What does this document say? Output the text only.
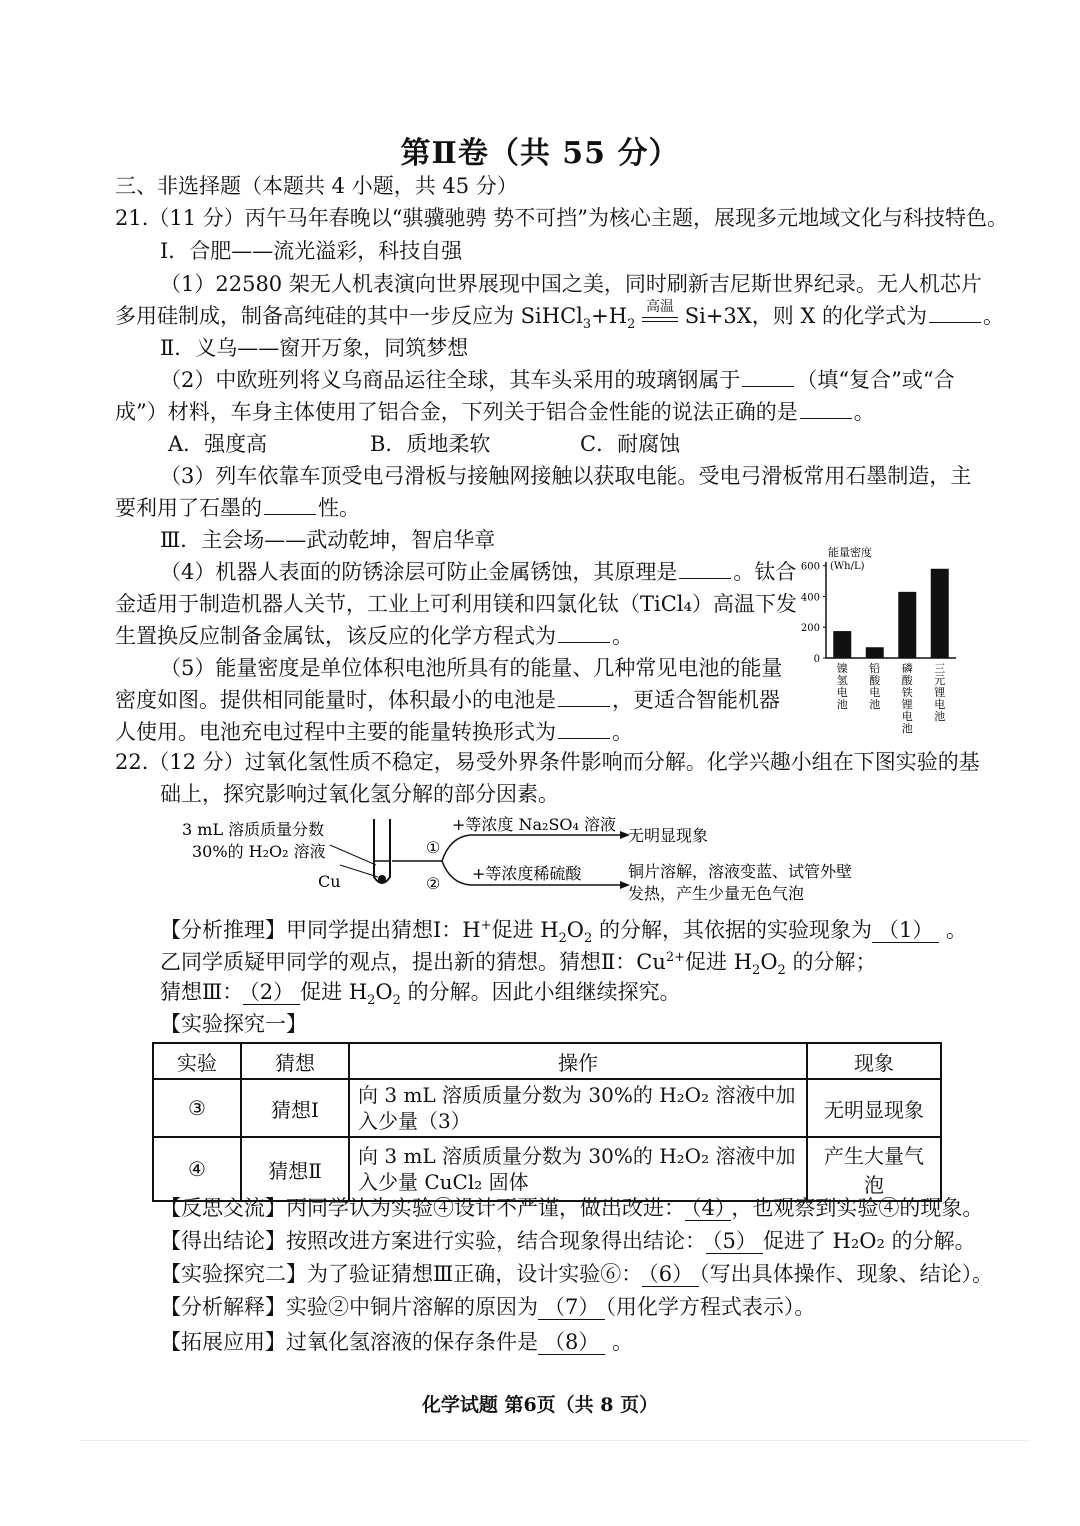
第Ⅱ卷（共 55 分）
三、非选择题（本题共 4 小题，共 45 分）
21.（11 分）丙午马年春晚以“骐骥驰骋 势不可挡”为核心主题，展现多元地域文化与科技特色。
Ⅰ．合肥——流光溢彩，科技自强
（1）22580 架无人机表演向世界展现中国之美，同时刷新吉尼斯世界纪录。无人机芯片
多用硅制成，制备高纯硅的其中一步反应为 $SiHCl_3+H_2$
高温 Si+3X，则 X 的化学式为	。
Ⅱ．义乌——窗开万象，同筑梦想
（2）中欧班列将义乌商品运往全球，其车头采用的玻璃钢属于	（填“复合”或“合
成”）材料，车身主体使用了铝合金，下列关于铝合金性能的说法正确的是	。
A．强度高	B．质地柔软	C．耐腐蚀
（3）列车依靠车顶受电弓滑板与接触网接触以获取电能。受电弓滑板常用石墨制造，主
要利用了石墨的	性。
Ⅲ．主会场——武动乾坤，智启华章
（4）机器人表面的防锈涂层可防止金属锈蚀，其原理是	。钛合
金适用于制造机器人关节，工业上可利用镁和四氯化钛（TiCl₄）高温下发
生置换反应制备金属钛，该反应的化学方程式为	。
（5）能量密度是单位体积电池所具有的能量、几种常见电池的能量
密度如图。提供相同能量时，体积最小的电池是	，更适合智能机器
人使用。电池充电过程中主要的能量转换形式为	。
能量密度
(Wh/L)
0
200
400
600
镍氢电池
铅酸电池
磷酸铁锂电池
三元锂电池
22.（12 分）过氧化氢性质不稳定，易受外界条件影响而分解。化学兴趣小组在下图实验的基
础上，探究影响过氧化氢分解的部分因素。
3 mL 溶质质量分数
30%的 H₂O₂ 溶液
Cu
①
②
+等浓度 Na₂SO₄ 溶液
+等浓度稀硫酸
无明显现象
铜片溶解，溶液变蓝、试管外壁
发热，产生少量无色气泡
【分析推理】甲同学提出猜想Ⅰ：H+促进 $H_2O_2$ 的分解，其依据的实验现象为 （1） 。
乙同学质疑甲同学的观点，提出新的猜想。猜想Ⅱ：$Cu^{2+}$促进 $H_2O_2$ 的分解；
猜想Ⅲ： （2） 促进 $H_2O_2$ 的分解。因此小组继续探究。
【实验探究一】
实验	猜想	操作	现象
③	猜想Ⅰ	向 3 mL 溶质质量分数为 30%的 H₂O₂ 溶液中加
入少量（3）	无明显现象
④	猜想Ⅱ	向 3 mL 溶质质量分数为 30%的 H₂O₂ 溶液中加
入少量 CuCl₂ 固体	产生大量气泡
【反思交流】丙同学认为实验④设计不严谨，做出改进： （4） ，也观察到实验④的现象。
【得出结论】按照改进方案进行实验，结合现象得出结论： （5） 促进了 H₂O₂ 的分解。
【实验探究二】为了验证猜想Ⅲ正确，设计实验⑥： （6） （写出具体操作、现象、结论）。
【分析解释】实验②中铜片溶解的原因为 （7） （用化学方程式表示）。
【拓展应用】过氧化氢溶液的保存条件是 （8） 。
化学试题 第6页（共 8 页）
